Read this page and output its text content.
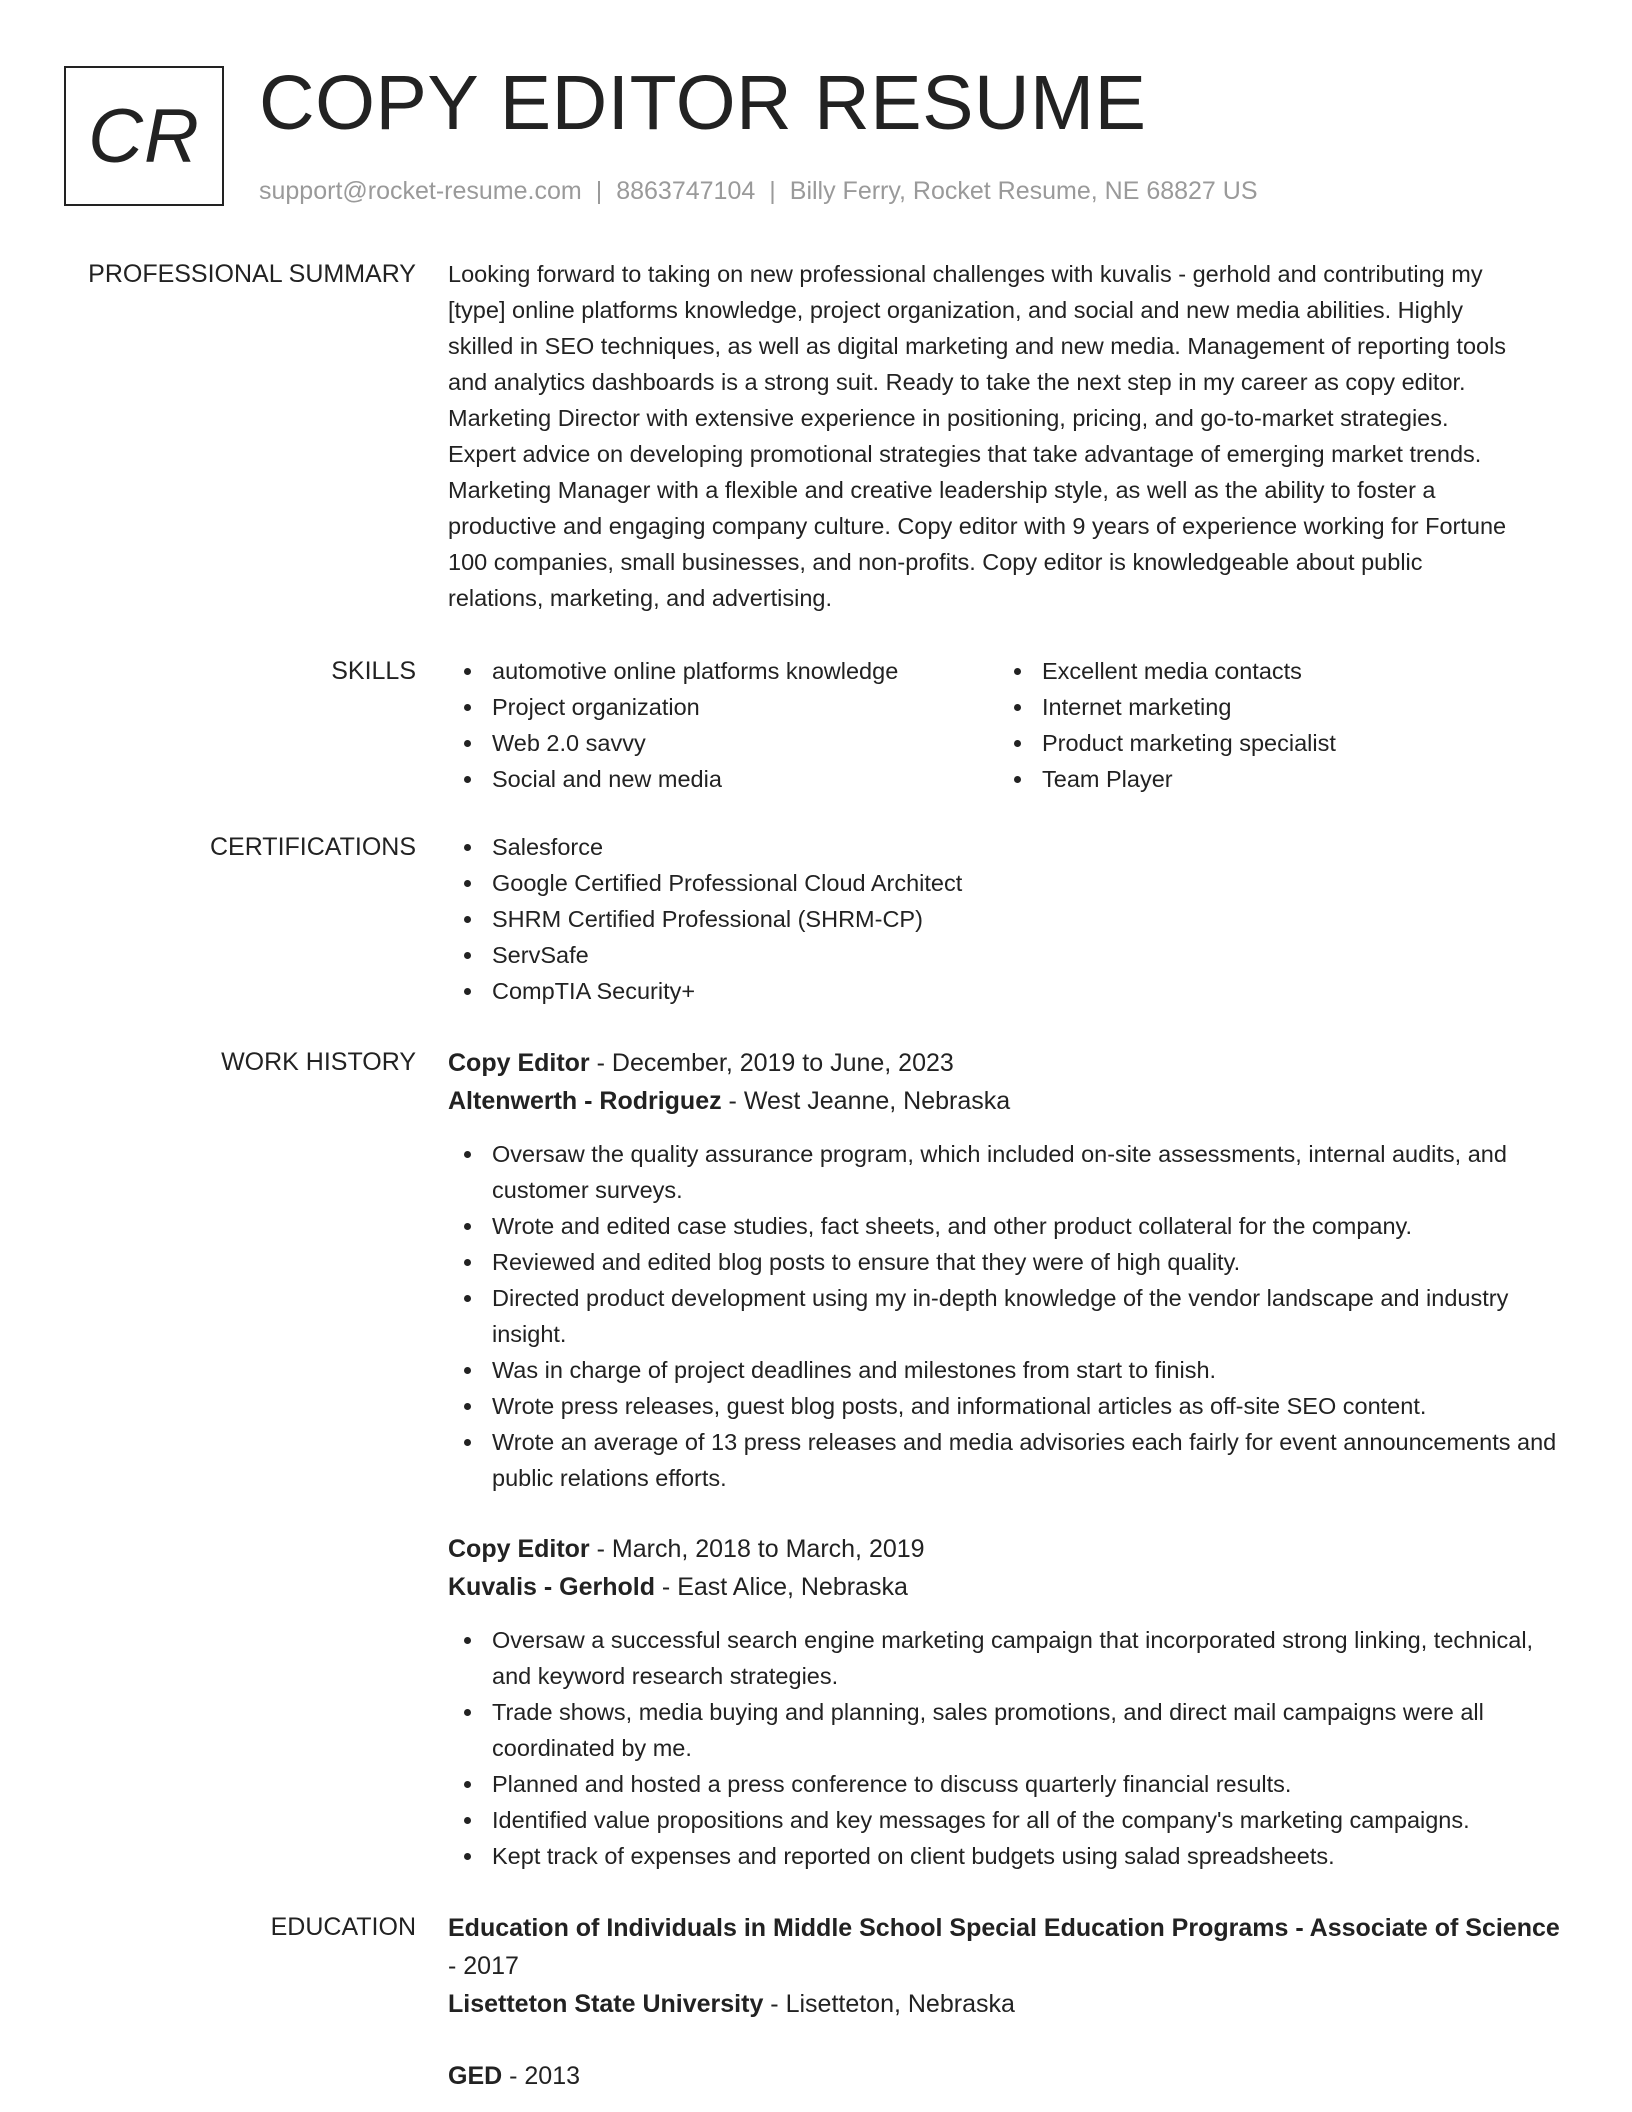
CR COPY EDITOR RESUME
support@rocket-resume.com | 8863747104 | Billy Ferry, Rocket Resume, NE 68827 US
PROFESSIONAL SUMMARY Looking forward to taking on new professional challenges with kuvalis - gerhold and contributing my
[type] online platforms knowledge, project organization, and social and new media abilities. Highly
skilled in SEO techniques, as well as digital marketing and new media. Management of reporting tools
and analytics dashboards is a strong suit. Ready to take the next step in my career as copy editor.
Marketing Director with extensive experience in positioning, pricing, and go-to-market strategies.
Expert advice on developing promotional strategies that take advantage of emerging market trends.
Marketing Manager with a flexible and creative leadership style, as well as the ability to foster a
productive and engaging company culture. Copy editor with 9 years of experience working for Fortune
100 companies, small businesses, and non-profits. Copy editor is knowledgeable about public
relations, marketing, and advertising.
SKILLS	automotive online platforms knowledge
Project organization
Web 2.0 savvy
Social and new media
Excellent media contacts
Internet marketing
Product marketing specialist
Team Player
CERTIFICATIONS	Salesforce
Google Certified Professional Cloud Architect
SHRM Certified Professional (SHRM-CP)
ServSafe
CompTIA Security+
WORK HISTORY Copy Editor - December, 2019 to June, 2023
Altenwerth - Rodriguez - West Jeanne, Nebraska
Oversaw the quality assurance program, which included on-site assessments, internal audits, and customer surveys.
Wrote and edited case studies, fact sheets, and other product collateral for the company.
Reviewed and edited blog posts to ensure that they were of high quality.
Directed product development using my in-depth knowledge of the vendor landscape and industry insight.
Was in charge of project deadlines and milestones from start to finish.
Wrote press releases, guest blog posts, and informational articles as off-site SEO content.
Wrote an average of 13 press releases and media advisories each fairly for event announcements and public relations efforts.
Copy Editor - March, 2018 to March, 2019
Kuvalis - Gerhold - East Alice, Nebraska
Oversaw a successful search engine marketing campaign that incorporated strong linking, technical, and keyword research strategies.
Trade shows, media buying and planning, sales promotions, and direct mail campaigns were all coordinated by me.
Planned and hosted a press conference to discuss quarterly financial results.
Identified value propositions and key messages for all of the company's marketing campaigns.
Kept track of expenses and reported on client budgets using salad spreadsheets.
EDUCATION Education of Individuals in Middle School Special Education Programs - Associate of Science - 2017
Lisetteton State University - Lisetteton, Nebraska
GED - 2013
